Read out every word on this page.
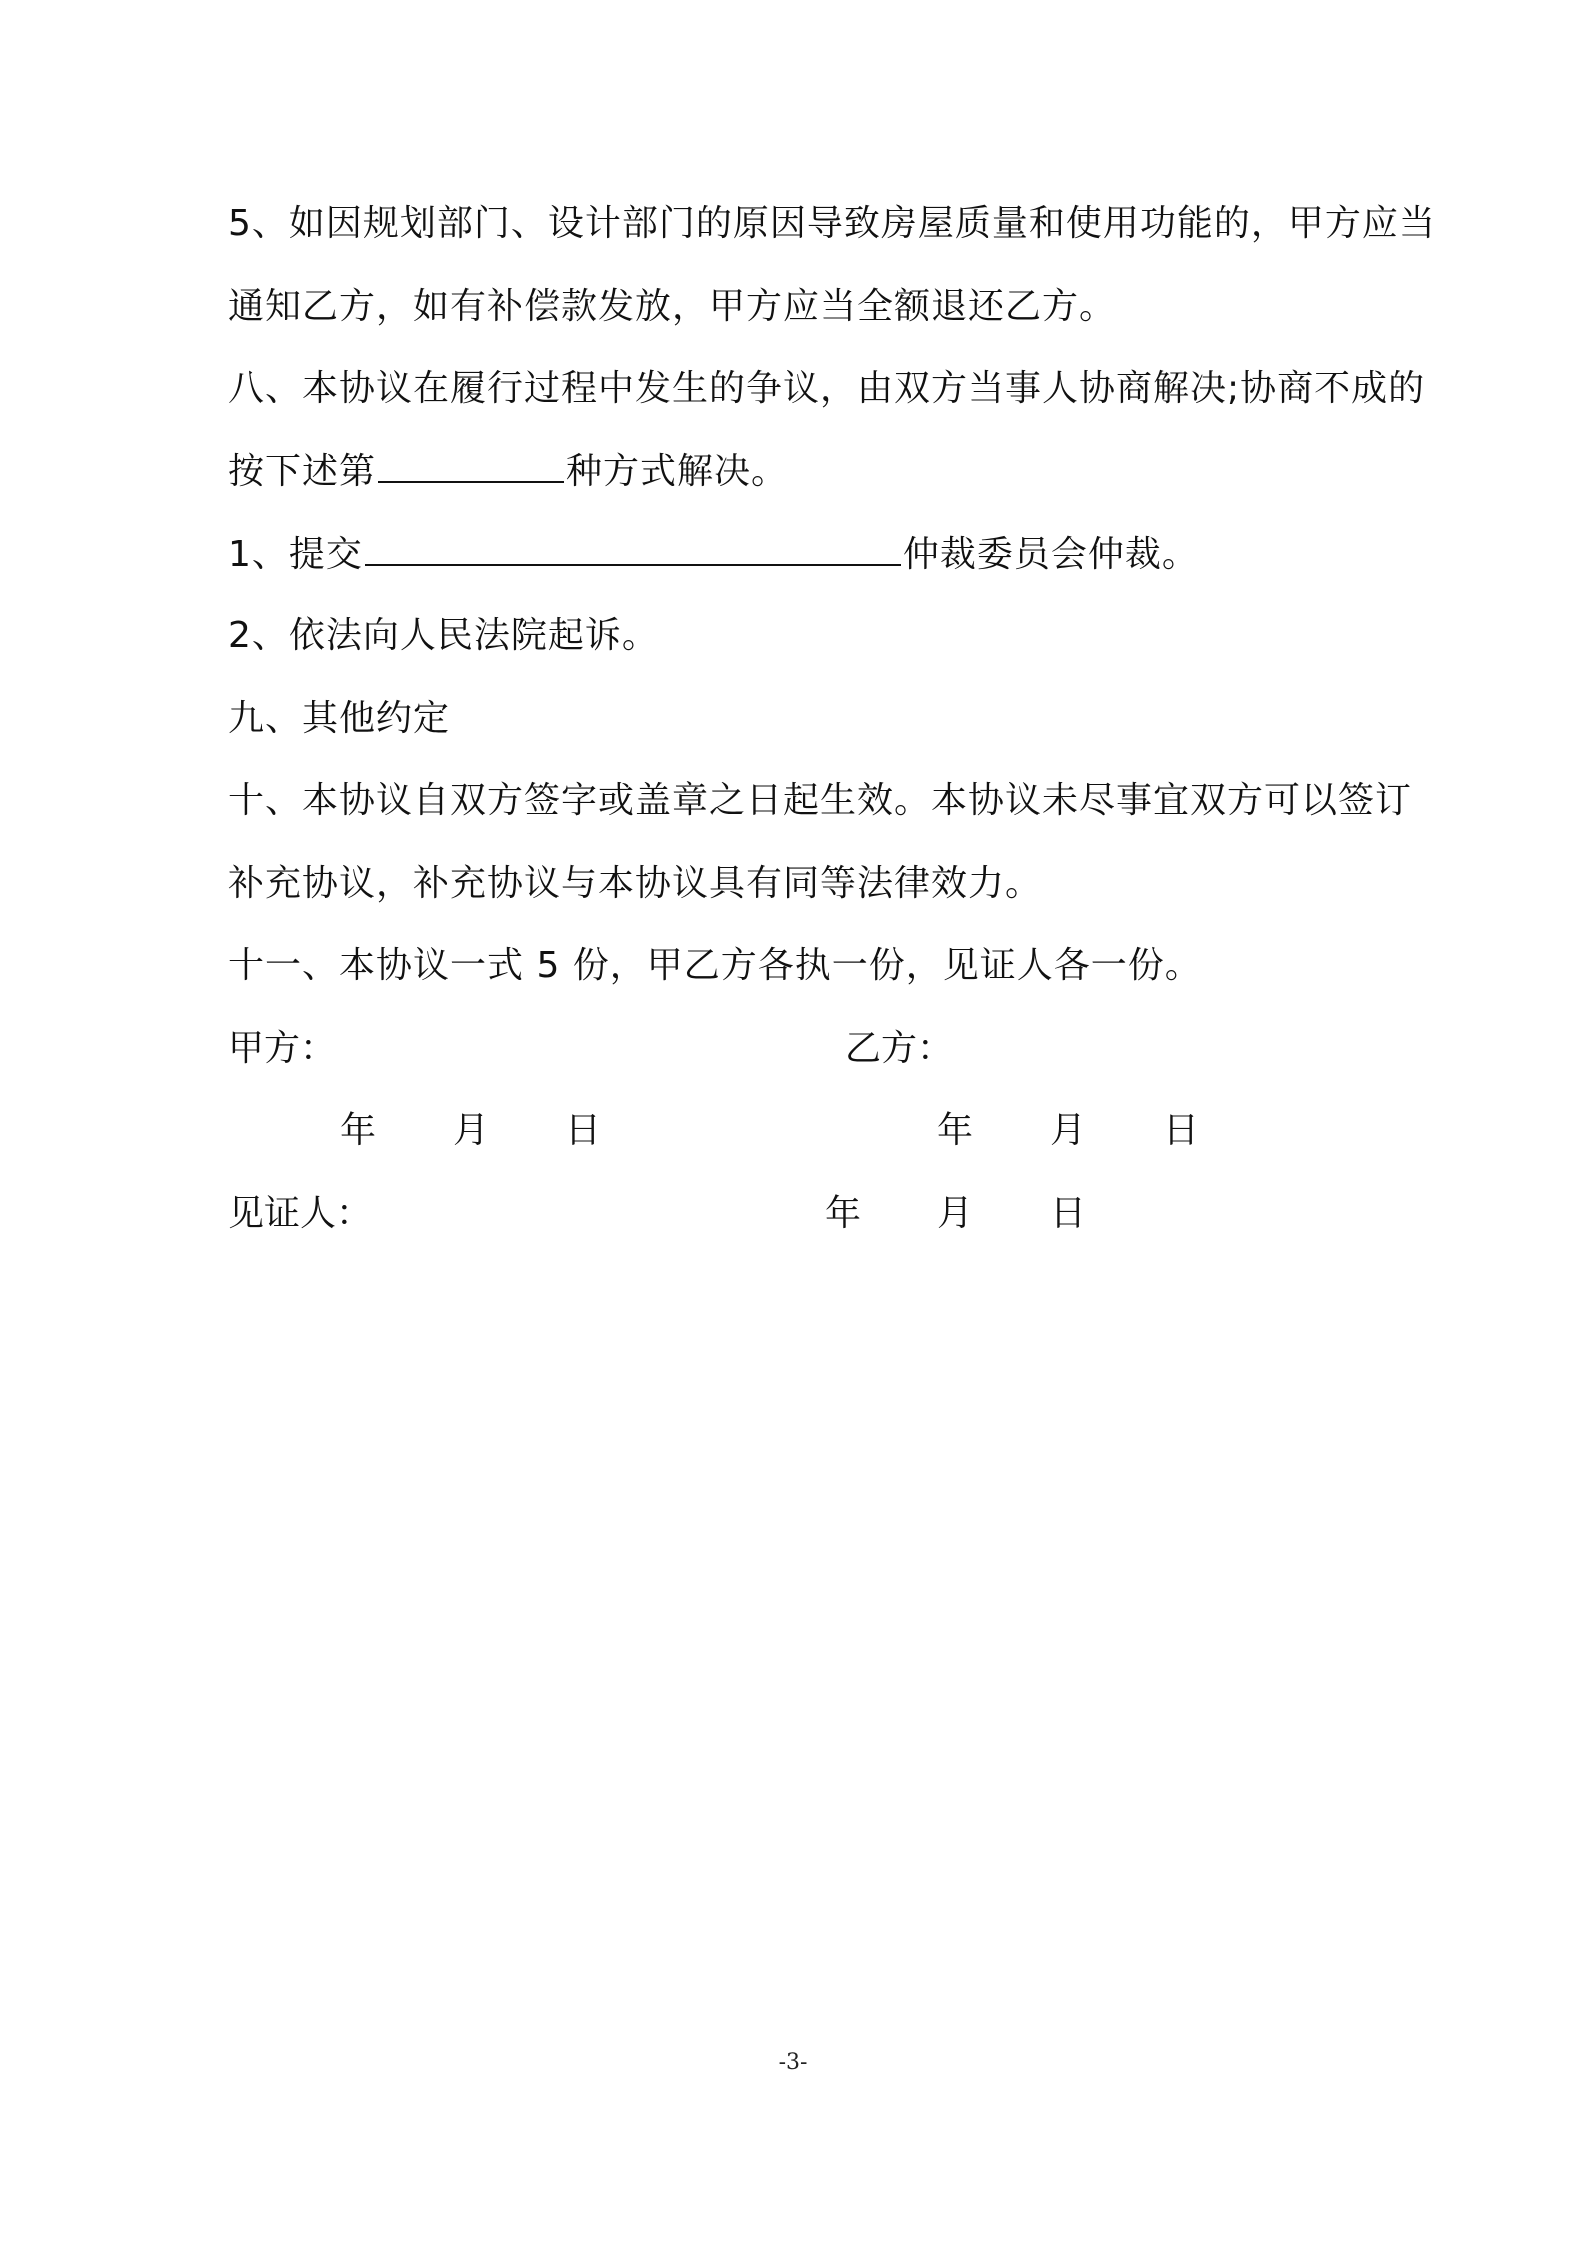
5、如因规划部门、设计部门的原因导致房屋质量和使用功能的，甲方应当
通知乙方，如有补偿款发放，甲方应当全额退还乙方。
八、本协议在履行过程中发生的争议，由双方当事人协商解决;协商不成的
按下述第	种方式解决。
1、提交	仲裁委员会仲裁。
2、依法向人民法院起诉。
九、其他约定
十、本协议自双方签字或盖章之日起生效。本协议未尽事宜双方可以签订
补充协议，补充协议与本协议具有同等法律效力。
十一、本协议一式 5 份，甲乙方各执一份，见证人各一份。
甲方：	乙方：
年 月 日	年 月 日
见证人：	年 月 日
-3-
